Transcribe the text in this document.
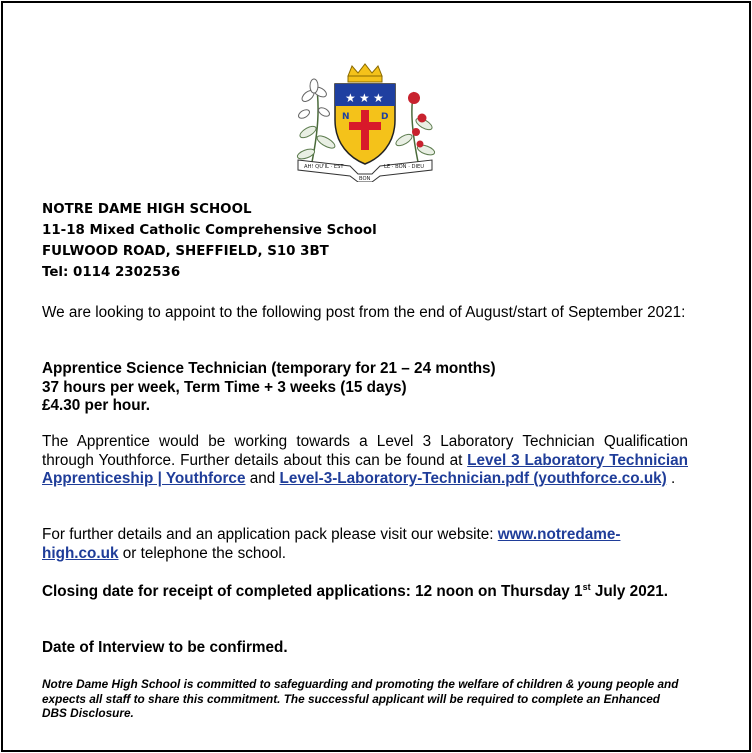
★ ★ ★
N	D
AH! QU'IL · EST
BON
LE · BON · DIEU
NOTRE DAME HIGH SCHOOL
11-18 Mixed Catholic Comprehensive School
FULWOOD ROAD, SHEFFIELD, S10 3BT
Tel: 0114 2302536
We are looking to appoint to the following post from the end of August/start of September 2021:
Apprentice Science Technician (temporary for 21 – 24 months)
37 hours per week, Term Time + 3 weeks (15 days)
£4.30 per hour.
The Apprentice would be working towards a Level 3 Laboratory Technician Qualification through Youthforce. Further details about this can be found at Level 3 Laboratory Technician Apprenticeship | Youthforce and Level-3-Laboratory-Technician.pdf (youthforce.co.uk) .
For further details and an application pack please visit our website: www.notredame-high.co.uk or telephone the school.
Closing date for receipt of completed applications: 12 noon on Thursday 1st July 2021.
Date of Interview to be confirmed.
Notre Dame High School is committed to safeguarding and promoting the welfare of children & young people and expects all staff to share this commitment. The successful applicant will be required to complete an Enhanced DBS Disclosure.
